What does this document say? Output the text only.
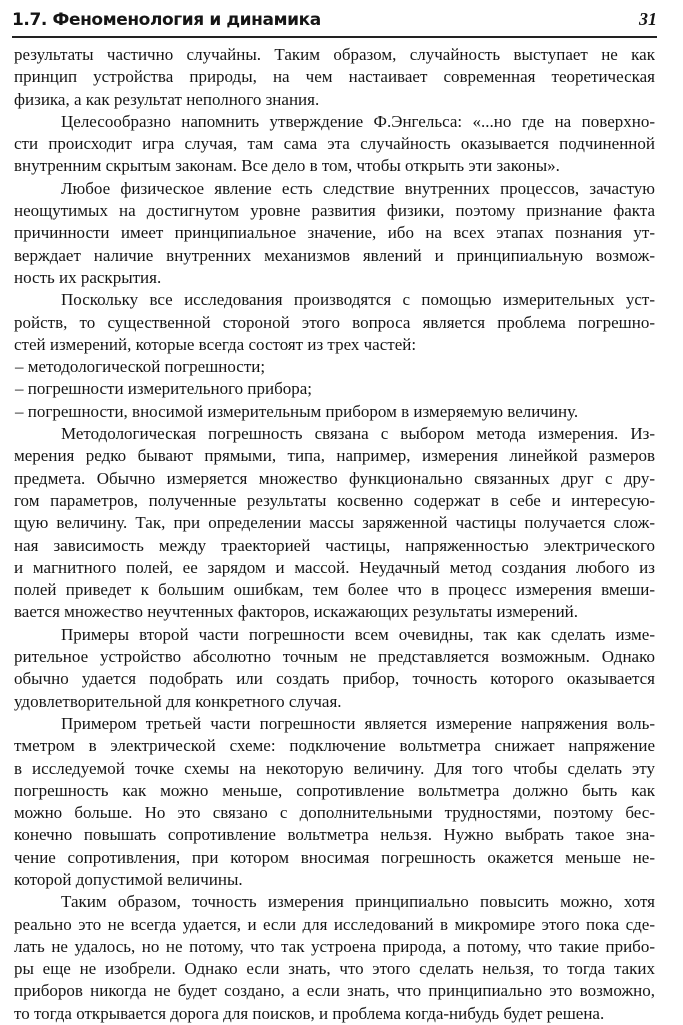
1.7. Феноменология и динамика	31
результаты частично случайны. Таким образом, случайность выступает не как
принцип устройства природы, на чем настаивает современная теоретическая
физика, а как результат неполного знания.
Целесообразно напомнить утверждение Ф.Энгельса: «...но где на поверхно-
сти происходит игра случая, там сама эта случайность оказывается подчиненной
внутренним скрытым законам. Все дело в том, чтобы открыть эти законы».
Любое физическое явление есть следствие внутренних процессов, зачастую
неощутимых на достигнутом уровне развития физики, поэтому признание факта
причинности имеет принципиальное значение, ибо на всех этапах познания ут-
верждает наличие внутренних механизмов явлений и принципиальную возмож-
ность их раскрытия.
Поскольку все исследования производятся с помощью измерительных уст-
ройств, то существенной стороной этого вопроса является проблема погрешно-
стей измерений, которые всегда состоят из трех частей:
– методологической погрешности;
– погрешности измерительного прибора;
– погрешности, вносимой измерительным прибором в измеряемую величину.
Методологическая погрешность связана с выбором метода измерения. Из-
мерения редко бывают прямыми, типа, например, измерения линейкой размеров
предмета. Обычно измеряется множество функционально связанных друг с дру-
гом параметров, полученные результаты косвенно содержат в себе и интересую-
щую величину. Так, при определении массы заряженной частицы получается слож-
ная зависимость между траекторией частицы, напряженностью электрического
и магнитного полей, ее зарядом и массой. Неудачный метод создания любого из
полей приведет к большим ошибкам, тем более что в процесс измерения вмеши-
вается множество неучтенных факторов, искажающих результаты измерений.
Примеры второй части погрешности всем очевидны, так как сделать изме-
рительное устройство абсолютно точным не представляется возможным. Однако
обычно удается подобрать или создать прибор, точность которого оказывается
удовлетворительной для конкретного случая.
Примером третьей части погрешности является измерение напряжения воль-
тметром в электрической схеме: подключение вольтметра снижает напряжение
в исследуемой точке схемы на некоторую величину. Для того чтобы сделать эту
погрешность как можно меньше, сопротивление вольтметра должно быть как
можно больше. Но это связано с дополнительными трудностями, поэтому бес-
конечно повышать сопротивление вольтметра нельзя. Нужно выбрать такое зна-
чение сопротивления, при котором вносимая погрешность окажется меньше не-
которой допустимой величины.
Таким образом, точность измерения принципиально повысить можно, хотя
реально это не всегда удается, и если для исследований в микромире этого пока сде-
лать не удалось, но не потому, что так устроена природа, а потому, что такие прибо-
ры еще не изобрели. Однако если знать, что этого сделать нельзя, то тогда таких
приборов никогда не будет создано, а если знать, что принципиально это возможно,
то тогда открывается дорога для поисков, и проблема когда-нибудь будет решена.
